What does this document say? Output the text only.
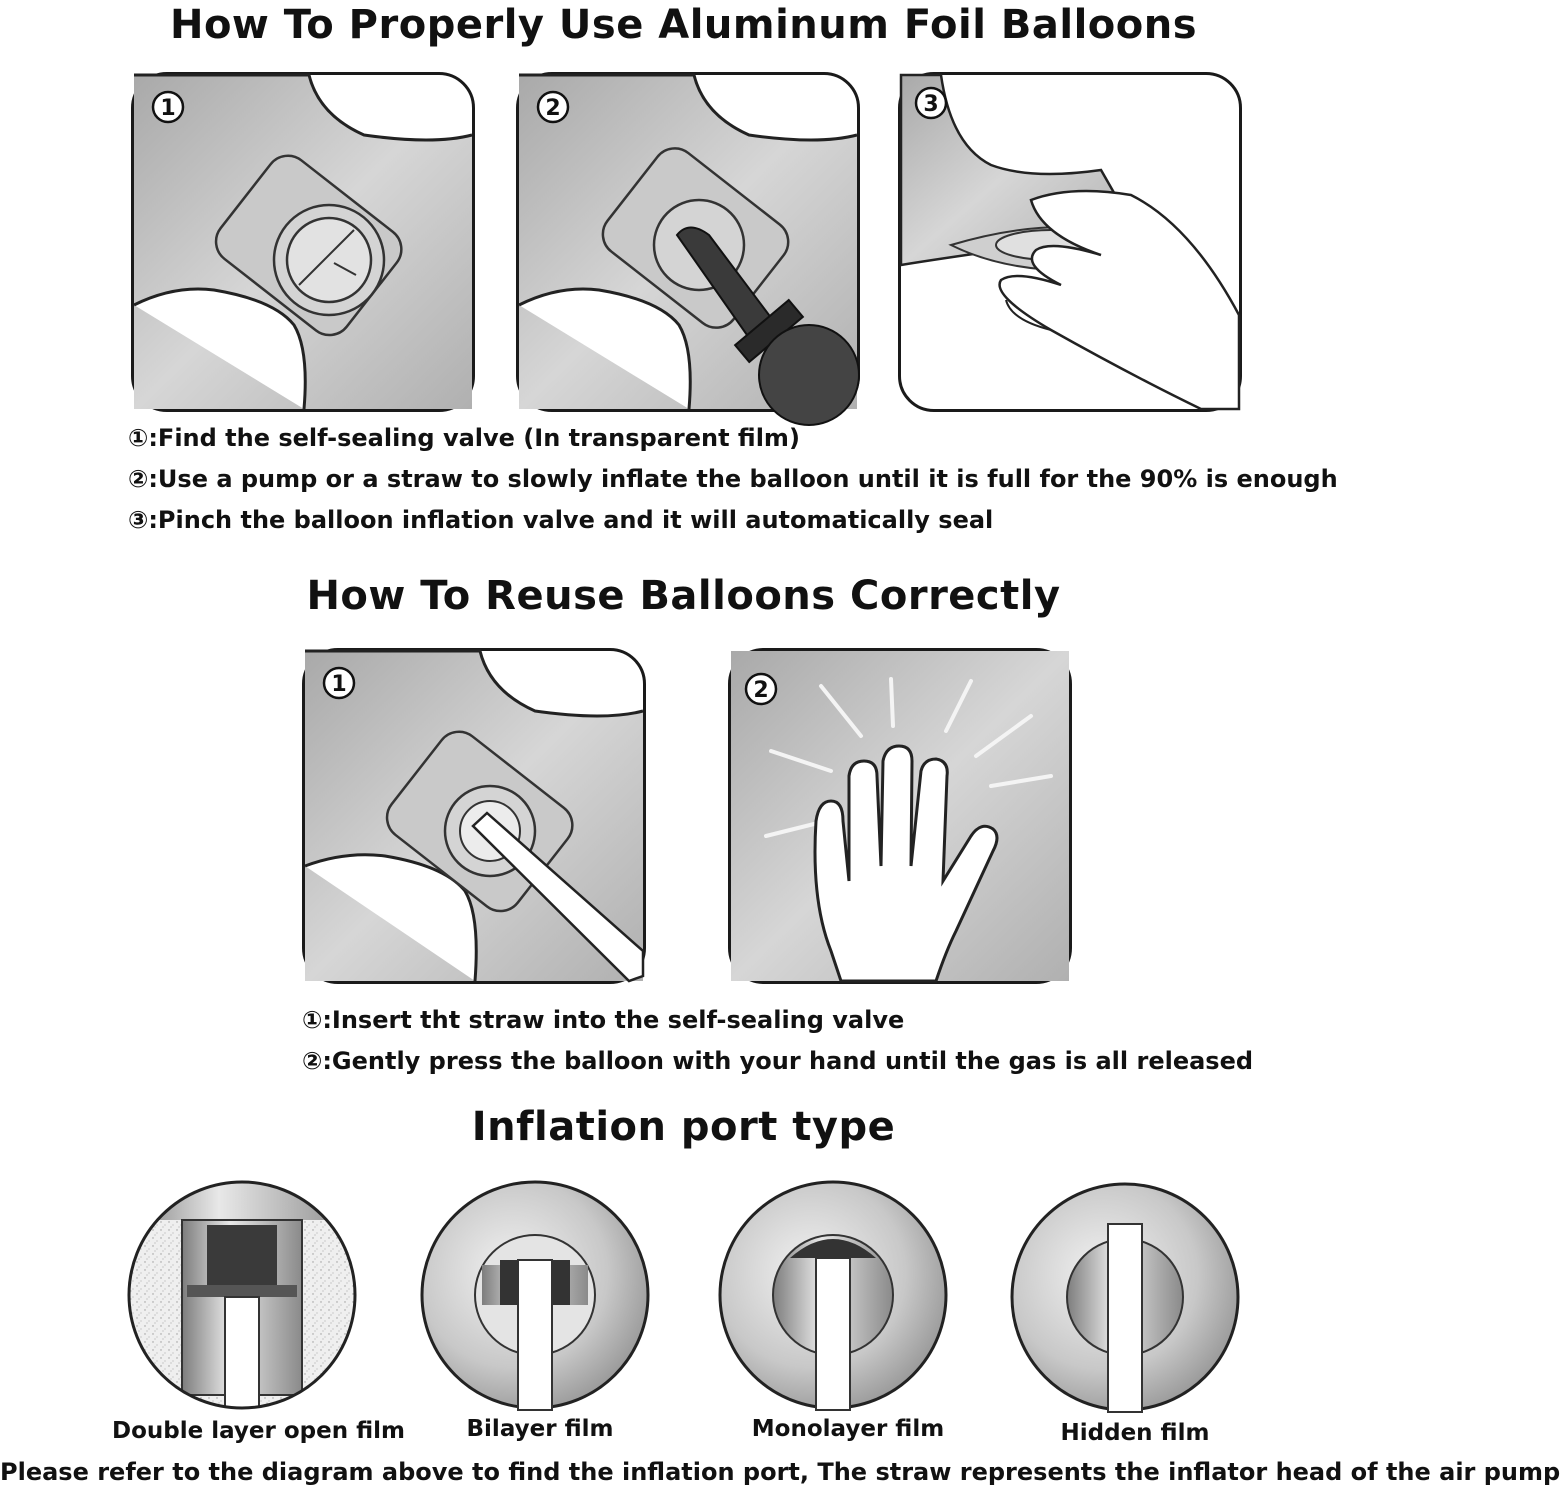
How To Properly Use Aluminum Foil Balloons
1	2	3
①:Find the self-sealing valve (In transparent film)
②:Use a pump or a straw to slowly inflate the balloon until it is full for the 90% is enough
③:Pinch the balloon inflation valve and it will automatically seal
How To Reuse Balloons Correctly
1	2
①:Insert tht straw into the self-sealing valve
②:Gently press the balloon with your hand until the gas is all released
Inflation port type
Double layer open film	Bilayer film	Monolayer film	Hidden film
Please refer to the diagram above to find the inflation port, The straw represents the inflator head of the air pump
